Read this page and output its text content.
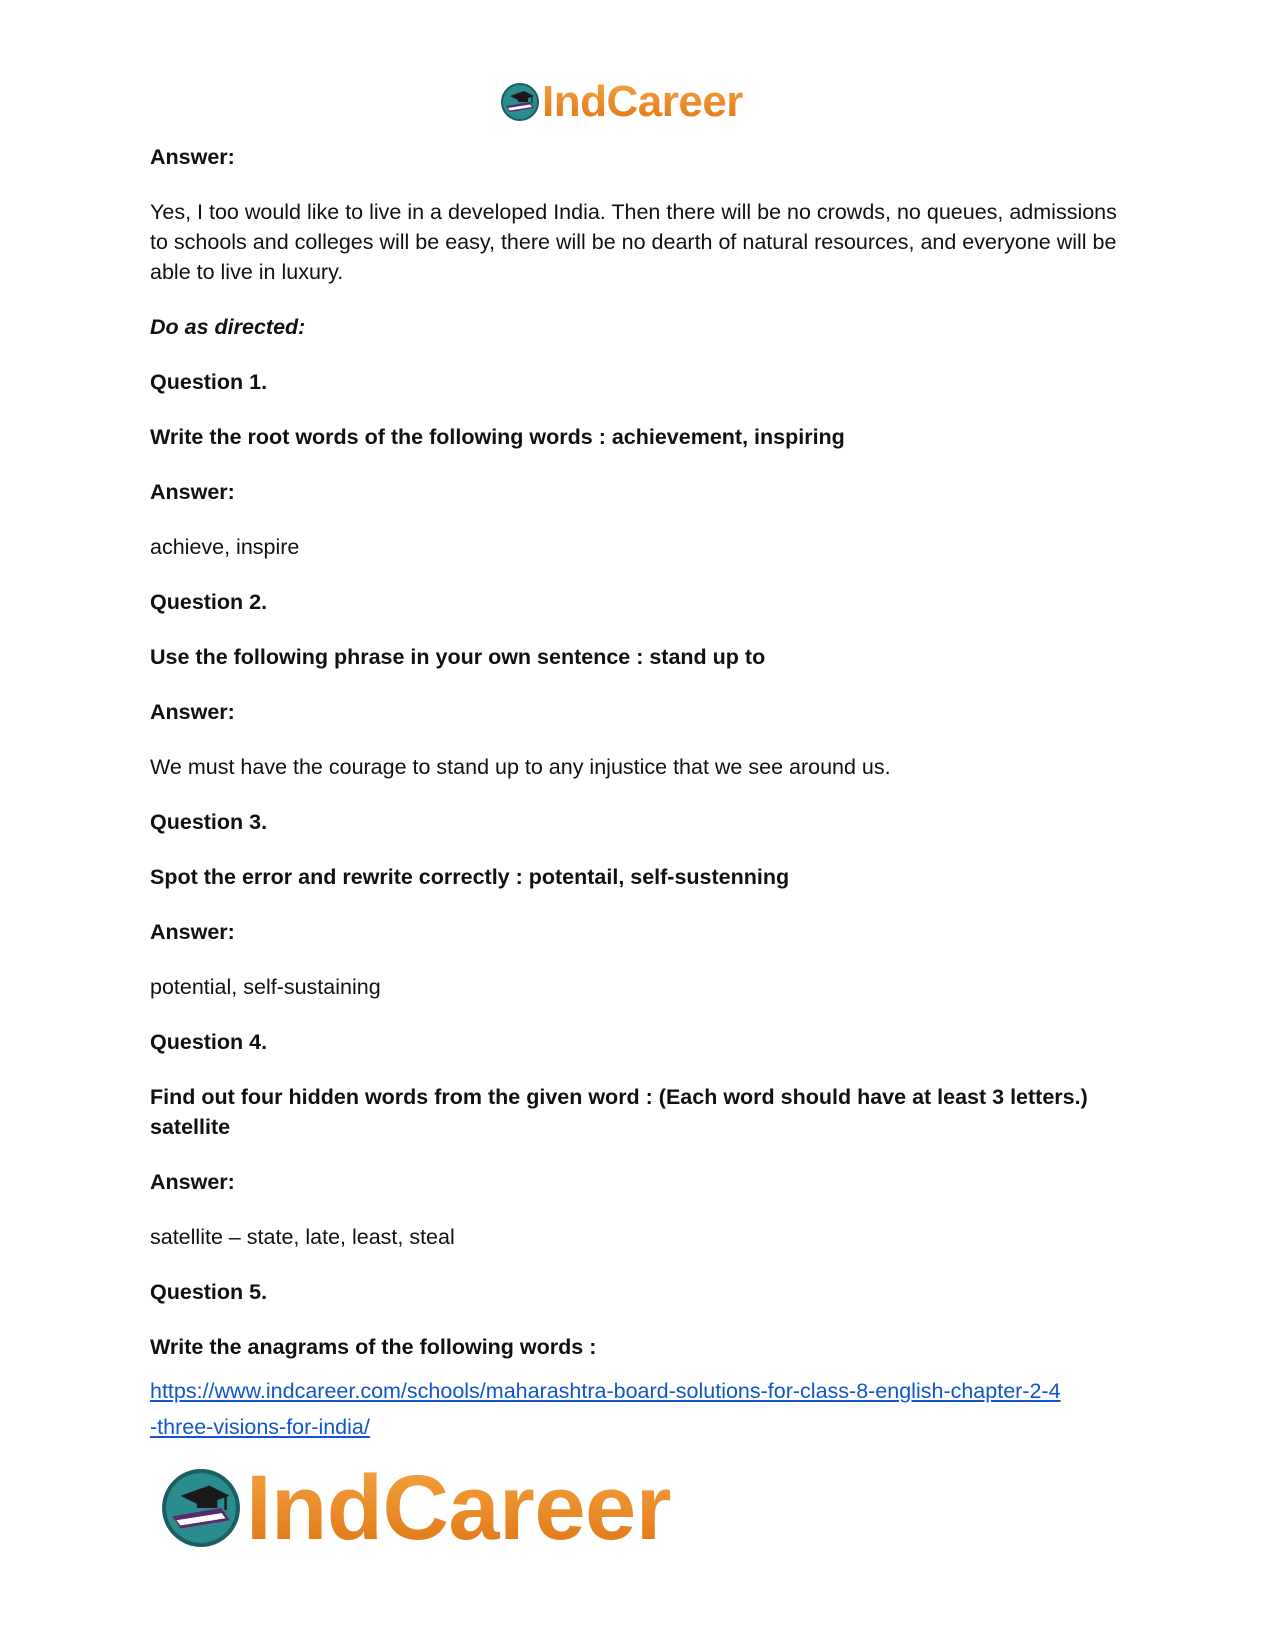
IndCareer

Answer:

Yes, I too would like to live in a developed India. Then there will be no crowds, no queues, admissions to schools and colleges will be easy, there will be no dearth of natural resources, and everyone will be able to live in luxury.

Do as directed:

Question 1.

Write the root words of the following words : achievement, inspiring

Answer:

achieve, inspire

Question 2.

Use the following phrase in your own sentence : stand up to

Answer:

We must have the courage to stand up to any injustice that we see around us.

Question 3.

Spot the error and rewrite correctly : potentail, self-sustenning

Answer:

potential, self-sustaining

Question 4.

Find out four hidden words from the given word : (Each word should have at least 3 letters.) satellite

Answer:

satellite – state, late, least, steal

Question 5.

Write the anagrams of the following words :

https://www.indcareer.com/schools/maharashtra-board-solutions-for-class-8-english-chapter-2-4
-three-visions-for-india/
IndCareer
